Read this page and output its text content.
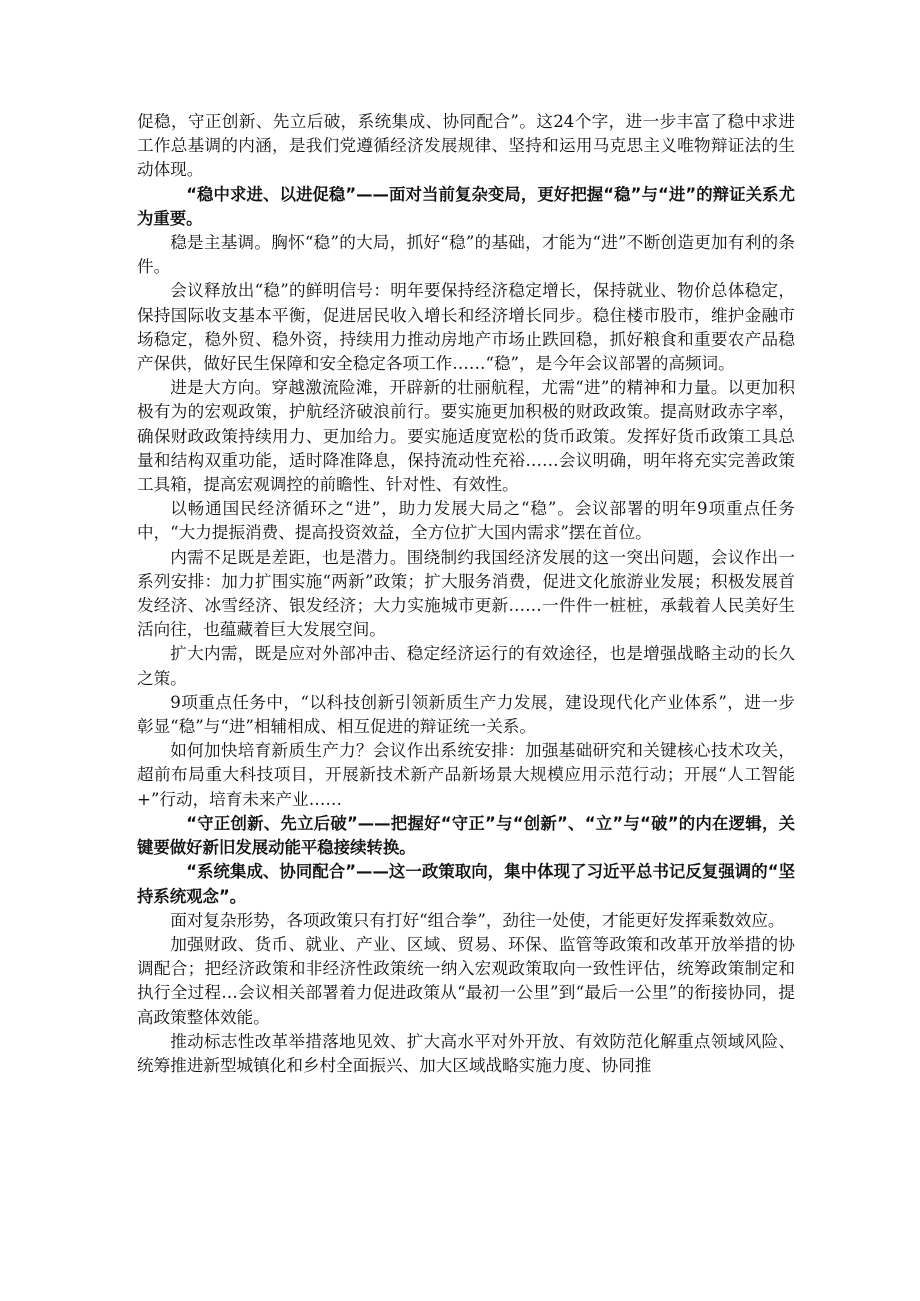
促稳，守正创新、先立后破，系统集成、协同配合”。这24个字，进一步丰富了稳中求进工作总基调的内涵，是我们党遵循经济发展规律、坚持和运用马克思主义唯物辩证法的生动体现。

“稳中求进、以进促稳”——面对当前复杂变局，更好把握“稳”与“进”的辩证关系尤为重要。

稳是主基调。胸怀“稳”的大局，抓好“稳”的基础，才能为“进”不断创造更加有利的条件。

会议释放出“稳”的鲜明信号：明年要保持经济稳定增长，保持就业、物价总体稳定，保持国际收支基本平衡，促进居民收入增长和经济增长同步。稳住楼市股市，维护金融市场稳定，稳外贸、稳外资，持续用力推动房地产市场止跌回稳，抓好粮食和重要农产品稳产保供，做好民生保障和安全稳定各项工作……“稳”，是今年会议部署的高频词。

进是大方向。穿越激流险滩，开辟新的壮丽航程，尤需“进”的精神和力量。以更加积极有为的宏观政策，护航经济破浪前行。要实施更加积极的财政政策。提高财政赤字率，确保财政政策持续用力、更加给力。要实施适度宽松的货币政策。发挥好货币政策工具总量和结构双重功能，适时降准降息，保持流动性充裕……会议明确，明年将充实完善政策工具箱，提高宏观调控的前瞻性、针对性、有效性。

以畅通国民经济循环之“进”，助力发展大局之“稳”。会议部署的明年9项重点任务中，“大力提振消费、提高投资效益，全方位扩大国内需求”摆在首位。

内需不足既是差距，也是潜力。围绕制约我国经济发展的这一突出问题，会议作出一系列安排：加力扩围实施“两新”政策；扩大服务消费，促进文化旅游业发展；积极发展首发经济、冰雪经济、银发经济；大力实施城市更新……一件件一桩桩，承载着人民美好生活向往，也蕴藏着巨大发展空间。

扩大内需，既是应对外部冲击、稳定经济运行的有效途径，也是增强战略主动的长久之策。

9项重点任务中，“以科技创新引领新质生产力发展，建设现代化产业体系”，进一步彰显“稳”与“进”相辅相成、相互促进的辩证统一关系。

如何加快培育新质生产力？会议作出系统安排：加强基础研究和关键核心技术攻关，超前布局重大科技项目，开展新技术新产品新场景大规模应用示范行动；开展“人工智能+”行动，培育未来产业……

“守正创新、先立后破”——把握好“守正”与“创新”、“立”与“破”的内在逻辑，关键要做好新旧发展动能平稳接续转换。

“系统集成、协同配合”——这一政策取向，集中体现了习近平总书记反复强调的“坚持系统观念”。

面对复杂形势，各项政策只有打好“组合拳”，劲往一处使，才能更好发挥乘数效应。

加强财政、货币、就业、产业、区域、贸易、环保、监管等政策和改革开放举措的协调配合；把经济政策和非经济性政策统一纳入宏观政策取向一致性评估，统筹政策制定和执行全过程…会议相关部署着力促进政策从“最初一公里”到“最后一公里”的衔接协同，提高政策整体效能。

推动标志性改革举措落地见效、扩大高水平对外开放、有效防范化解重点领域风险、统筹推进新型城镇化和乡村全面振兴、加大区域战略实施力度、协同推
